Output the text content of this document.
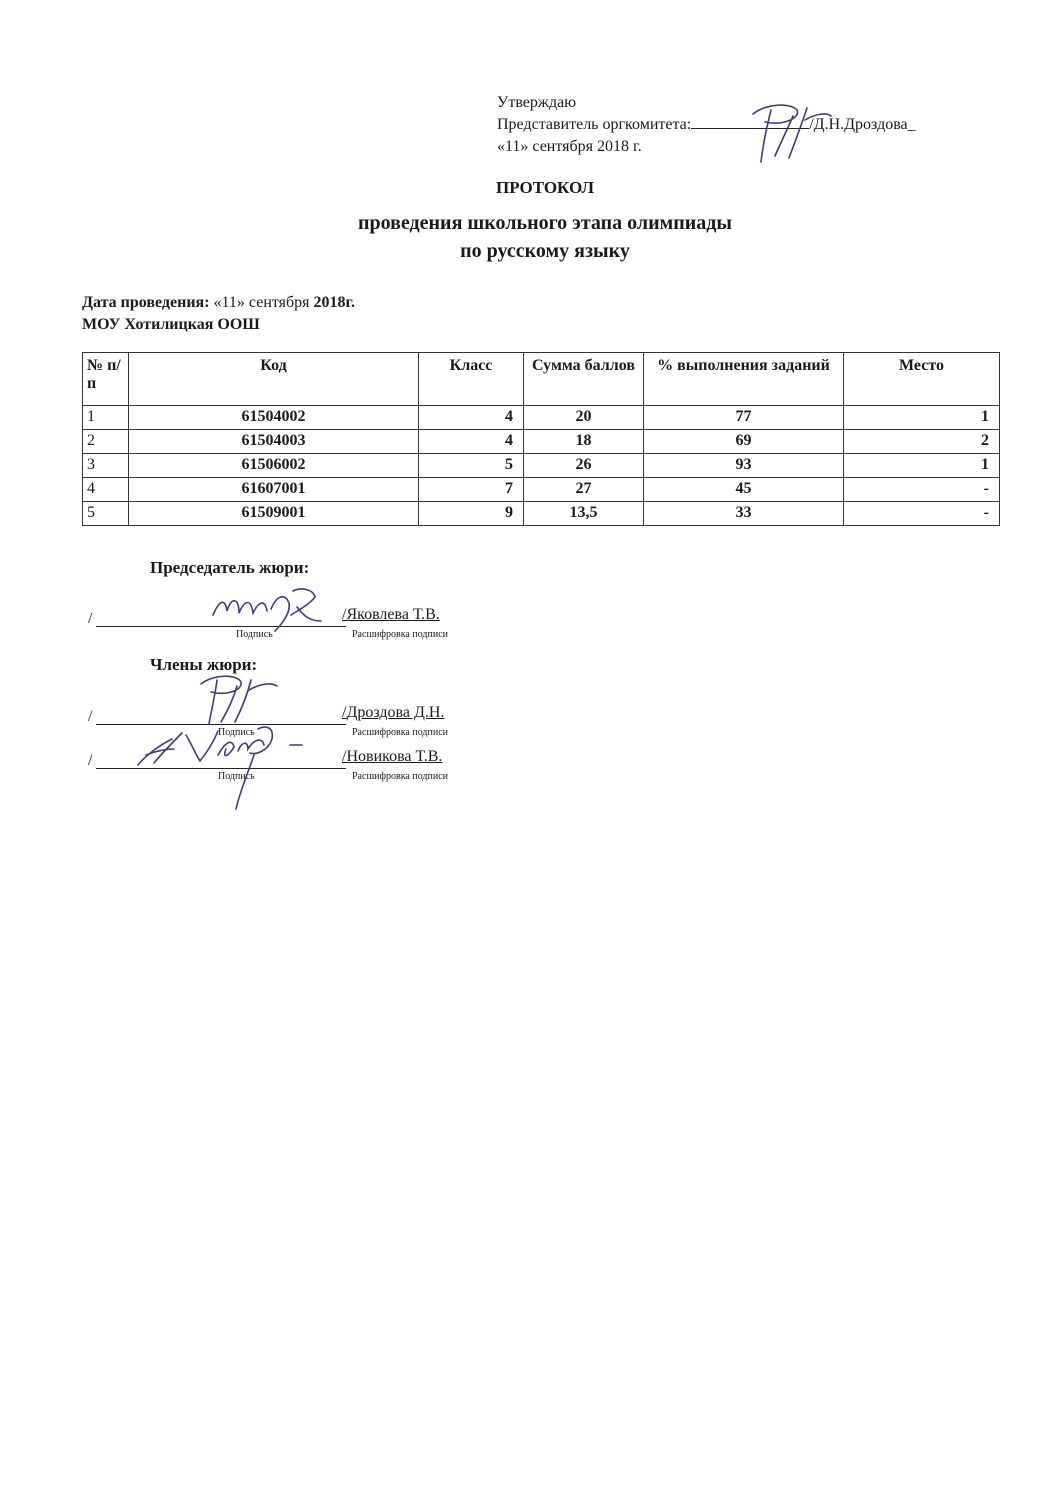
Утверждаю
Представитель оргкомитета:	/Д.Н.Дроздова_
«11» сентября 2018 г.
ПРОТОКОЛ
проведения школьного этапа олимпиады
по русскому языку
Дата проведения: «11» сентября 2018г.
МОУ Хотилицкая ООШ
№ п/п	Код	Класс	Сумма баллов	% выполнения заданий	Место
1	61504002	4	20	77	1
2	61504003	4	18	69	2
3	61506002	5	26	93	1
4	61607001	7	27	45	-
5	61509001	9	13,5	33	-
Председатель жюри:
/	/Яковлева Т.В.
Подпись	Расшифровка подписи
Члены жюри:
/	/Дроздова Д.Н.
Подпись	Расшифровка подписи
/	/Новикова Т.В.
Подпись	Расшифровка подписи
